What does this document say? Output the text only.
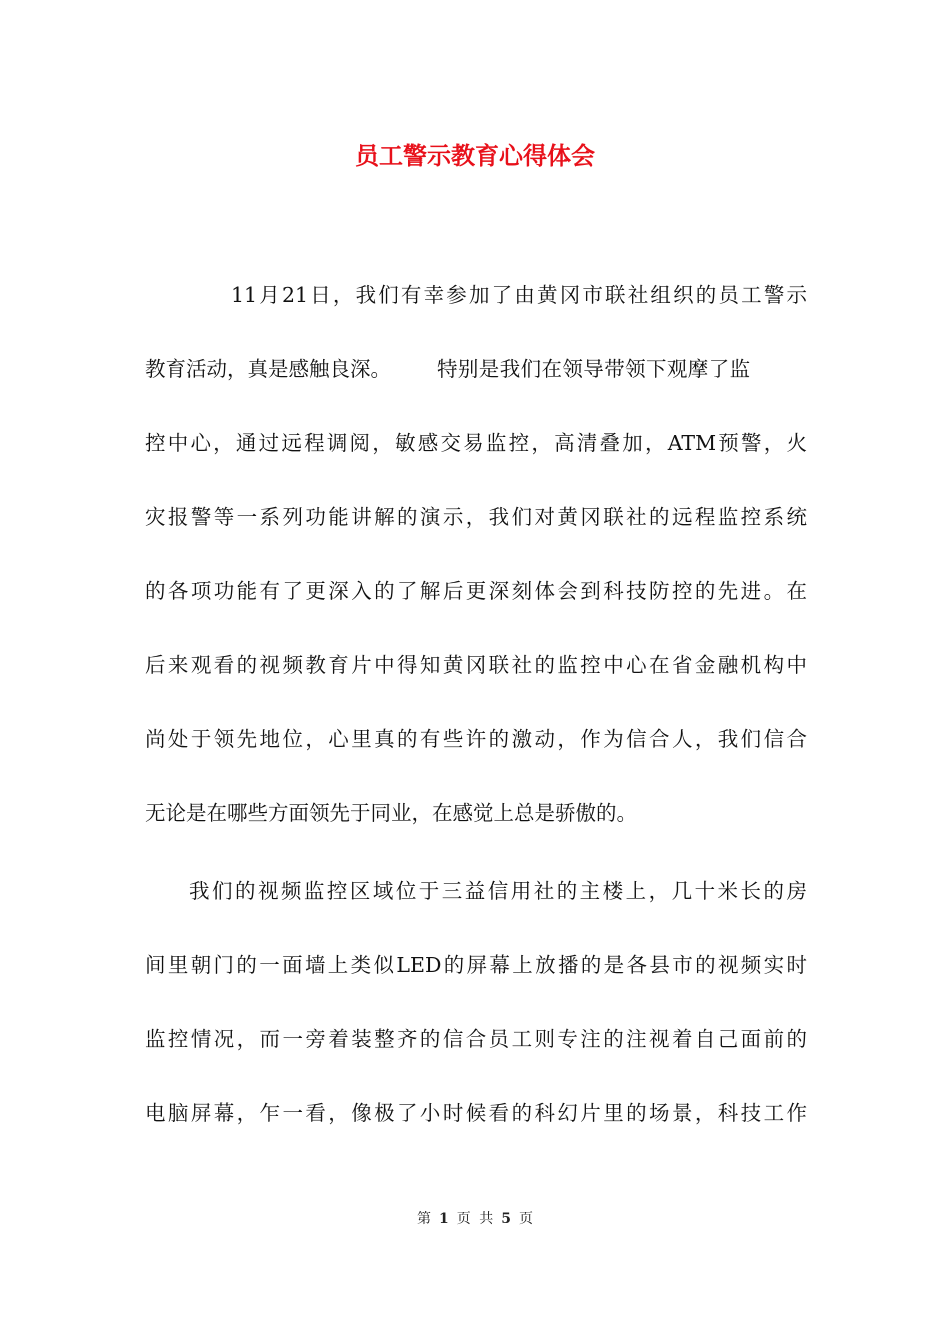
员工警示教育心得体会
11月21日，我们有幸参加了由黄冈市联社组织的员工警示
教育活动，真是感触良深。 特别是我们在领导带领下观摩了监
控中心，通过远程调阅，敏感交易监控，高清叠加，ATM预警，火
灾报警等一系列功能讲解的演示，我们对黄冈联社的远程监控系统
的各项功能有了更深入的了解后更深刻体会到科技防控的先进。在
后来观看的视频教育片中得知黄冈联社的监控中心在省金融机构中
尚处于领先地位，心里真的有些许的激动，作为信合人，我们信合
无论是在哪些方面领先于同业，在感觉上总是骄傲的。
我们的视频监控区域位于三益信用社的主楼上，几十米长的房
间里朝门的一面墙上类似LED的屏幕上放播的是各县市的视频实时
监控情况，而一旁着装整齐的信合员工则专注的注视着自己面前的
电脑屏幕，乍一看，像极了小时候看的科幻片里的场景，科技工作
第 1 页 共 5 页
